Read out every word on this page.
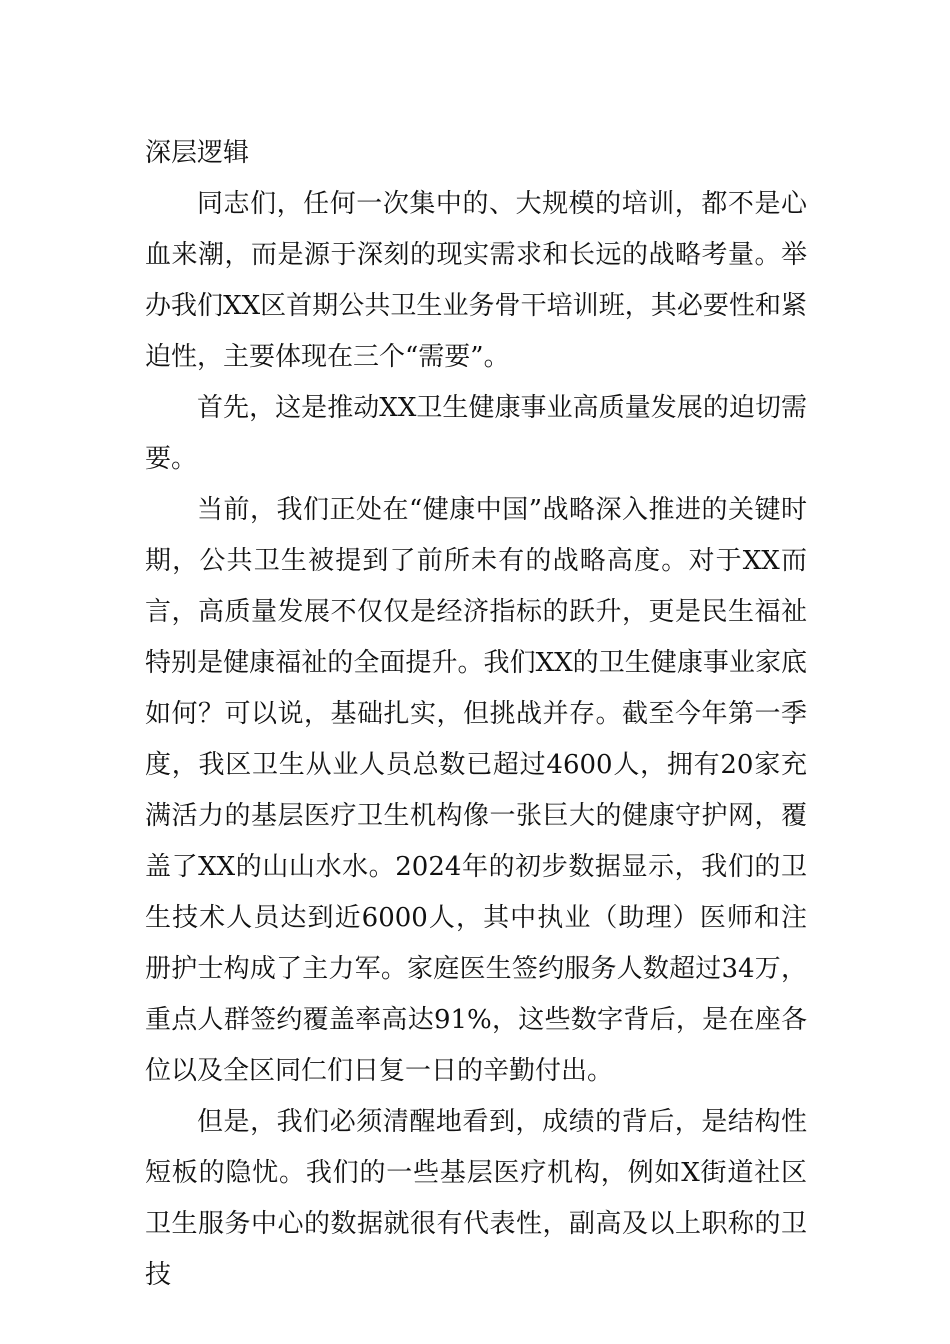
深层逻辑

同志们，任何一次集中的、大规模的培训，都不是心血来潮，而是源于深刻的现实需求和长远的战略考量。举办我们XX区首期公共卫生业务骨干培训班，其必要性和紧迫性，主要体现在三个“需要”。

首先，这是推动XX卫生健康事业高质量发展的迫切需要。

当前，我们正处在“健康中国”战略深入推进的关键时期，公共卫生被提到了前所未有的战略高度。对于XX而言，高质量发展不仅仅是经济指标的跃升，更是民生福祉特别是健康福祉的全面提升。我们XX的卫生健康事业家底如何？可以说，基础扎实，但挑战并存。截至今年第一季度，我区卫生从业人员总数已超过4600人，拥有20家充满活力的基层医疗卫生机构像一张巨大的健康守护网，覆盖了XX的山山水水。2024年的初步数据显示，我们的卫生技术人员达到近6000人，其中执业（助理）医师和注册护士构成了主力军。家庭医生签约服务人数超过34万，重点人群签约覆盖率高达91%，这些数字背后，是在座各位以及全区同仁们日复一日的辛勤付出。

但是，我们必须清醒地看到，成绩的背后，是结构性短板的隐忧。我们的一些基层医疗机构，例如X街道社区卫生服务中心的数据就很有代表性，副高及以上职称的卫技
